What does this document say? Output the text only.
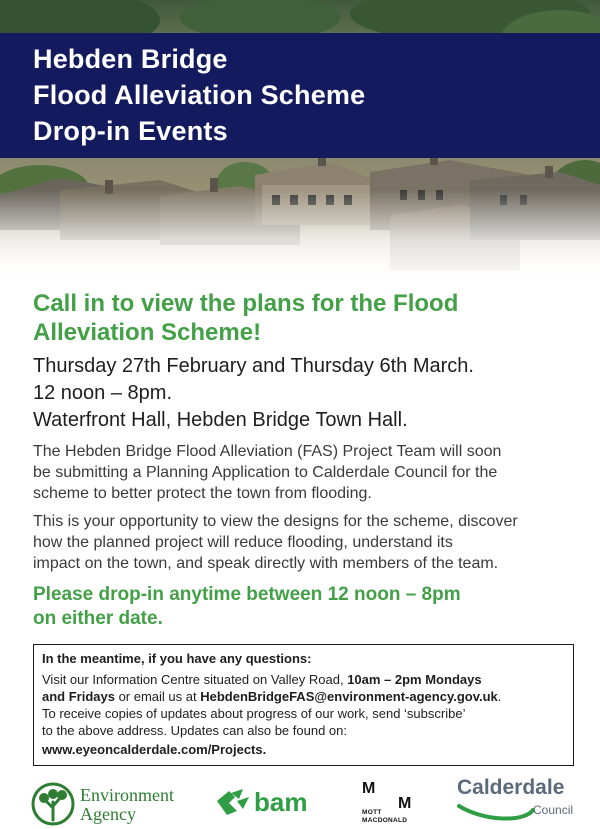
Hebden Bridge
Flood Alleviation Scheme
Drop-in Events
Call in to view the plans for the Flood
Alleviation Scheme!
Thursday 27th February and Thursday 6th March.
12 noon – 8pm.
Waterfront Hall, Hebden Bridge Town Hall.
The Hebden Bridge Flood Alleviation (FAS) Project Team will soon
be submitting a Planning Application to Calderdale Council for the
scheme to better protect the town from flooding.
This is your opportunity to view the designs for the scheme, discover
how the planned project will reduce flooding, understand its
impact on the town, and speak directly with members of the team.
Please drop-in anytime between 12 noon – 8pm
on either date.
In the meantime, if you have any questions:
Visit our Information Centre situated on Valley Road, 10am – 2pm Mondays
and Fridays or email us at HebdenBridgeFAS@environment-agency.gov.uk.
To receive copies of updates about progress of our work, send ‘subscribe’
to the above address. Updates can also be found on:
www.eyeoncalderdale.com/Projects.
Environment
Agency	bam	M
M
MOTT
MACDONALD
Calderdale
Council
